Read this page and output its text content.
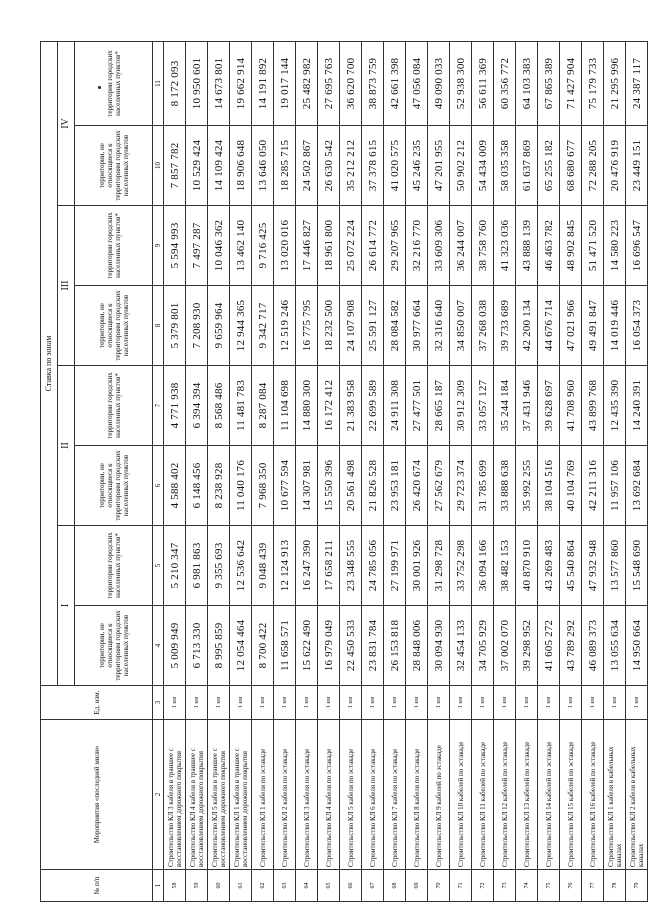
№ п/п	Мероприятия «последней мили»	Ед. изм.	Ставка по зонам							
			I		II		III		IV	
			территории, не относящиеся к территориям городских населенных пунктов	территории городских населенных пунктов*	территории, не относящиеся к территориям городских населенных пунктов	территории городских населенных пунктов*	территории, не относящиеся к территориям городских населенных пунктов	территории городских населенных пунктов*	территории, не относящиеся к территориям городских населенных пунктов	территории городских населенных пунктов*
1	2	3	4	5	6	7	8	9	10	11
58	Строительство КЛ 3 кабеля в траншее с восстановлением дорожного покрытия	1 км	5 009 949	5 210 347	4 588 402	4 771 938	5 379 801	5 594 993	7 857 782	8 172 093
59	Строительство КЛ 4 кабеля в траншее с восстановлением дорожного покрытия	1 км	6 713 330	6 981 863	6 148 456	6 394 394	7 208 930	7 497 287	10 529 424	10 950 601
60	Строительство КЛ 5 кабеля в траншее с восстановлением дорожного покрытия	1 км	8 995 859	9 355 693	8 238 928	8 568 486	9 659 964	10 046 362	14 109 424	14 673 801
61	Строительство КЛ 1 кабеля в траншее с восстановлением дорожного покрытия	1 км	12 054 464	12 536 642	11 040 176	11 481 783	12 944 365	13 462 140	18 906 648	19 662 914
62	Строительство КЛ 1 кабеля по эстакаде	1 км	8 700 422	9 048 439	7 968 350	8 287 084	9 342 717	9 716 425	13 646 050	14 191 892
63	Строительство КЛ 2 кабеля по эстакаде	1 км	11 658 571	12 124 913	10 677 594	11 104 698	12 519 246	13 020 016	18 285 715	19 017 144
64	Строительство КЛ 3 кабеля по эстакаде	1 км	15 622 490	16 247 390	14 307 981	14 880 300	16 775 795	17 446 827	24 502 867	25 482 982
65	Строительство КЛ 4 кабеля по эстакаде	1 км	16 979 049	17 658 211	15 550 396	16 172 412	18 232 500	18 961 800	26 630 542	27 695 763
66	Строительство КЛ 5 кабеля по эстакаде	1 км	22 450 533	23 348 555	20 561 498	21 383 958	24 107 908	25 072 224	35 212 212	36 620 700
67	Строительство КЛ 6 кабеля по эстакаде	1 км	23 831 784	24 785 056	21 826 528	22 699 589	25 591 127	26 614 772	37 378 615	38 873 759
68	Строительство КЛ 7 кабеля по эстакаде	1 км	26 153 818	27 199 971	23 953 181	24 911 308	28 084 582	29 207 965	41 020 575	42 661 398
69	Строительство КЛ 8 кабеля по эстакаде	1 км	28 848 006	30 001 926	26 420 674	27 477 501	30 977 664	32 216 770	45 246 235	47 056 084
70	Строительство КЛ 9 кабелей по эстакаде	1 км	30 094 930	31 298 728	27 562 679	28 665 187	32 316 640	33 609 306	47 201 955	49 090 033
71	Строительство КЛ 10 кабелей по эстакаде	1 км	32 454 133	33 752 298	29 723 374	30 912 309	34 850 007	36 244 007	50 902 212	52 938 300
72	Строительство КЛ 11 кабелей по эстакаде	1 км	34 705 929	36 094 166	31 785 699	33 057 127	37 268 038	38 758 760	54 434 009	56 611 369
73	Строительство КЛ 12 кабелей по эстакаде	1 км	37 002 070	38 482 153	33 888 638	35 244 184	39 733 689	41 323 036	58 035 358	60 356 772
74	Строительство КЛ 13 кабелей по эстакаде	1 км	39 298 952	40 870 910	35 992 255	37 431 946	42 200 134	43 888 139	61 637 869	64 103 383
75	Строительство КЛ 14 кабелей по эстакаде	1 км	41 605 272	43 269 483	38 104 516	39 628 697	44 676 714	46 463 782	65 255 182	67 865 389
76	Строительство КЛ 15 кабелей по эстакаде	1 км	43 789 292	45 540 864	40 104 769	41 708 960	47 021 966	48 902 845	68 680 677	71 427 904
77	Строительство КЛ 16 кабелей по эстакаде	1 км	46 089 373	47 932 948	42 211 316	43 899 768	49 491 847	51 471 520	72 288 205	75 179 733
78	Строительство КЛ 1 кабеля в кабельных каналах	1 км	13 055 634	13 577 860	11 957 106	12 435 390	14 019 446	14 580 223	20 476 919	21 295 996
79	Строительство КЛ 2 кабеля в кабельных каналах	1 км	14 950 664	15 548 690	13 692 684	14 240 391	16 054 373	16 696 547	23 449 151	24 387 117
